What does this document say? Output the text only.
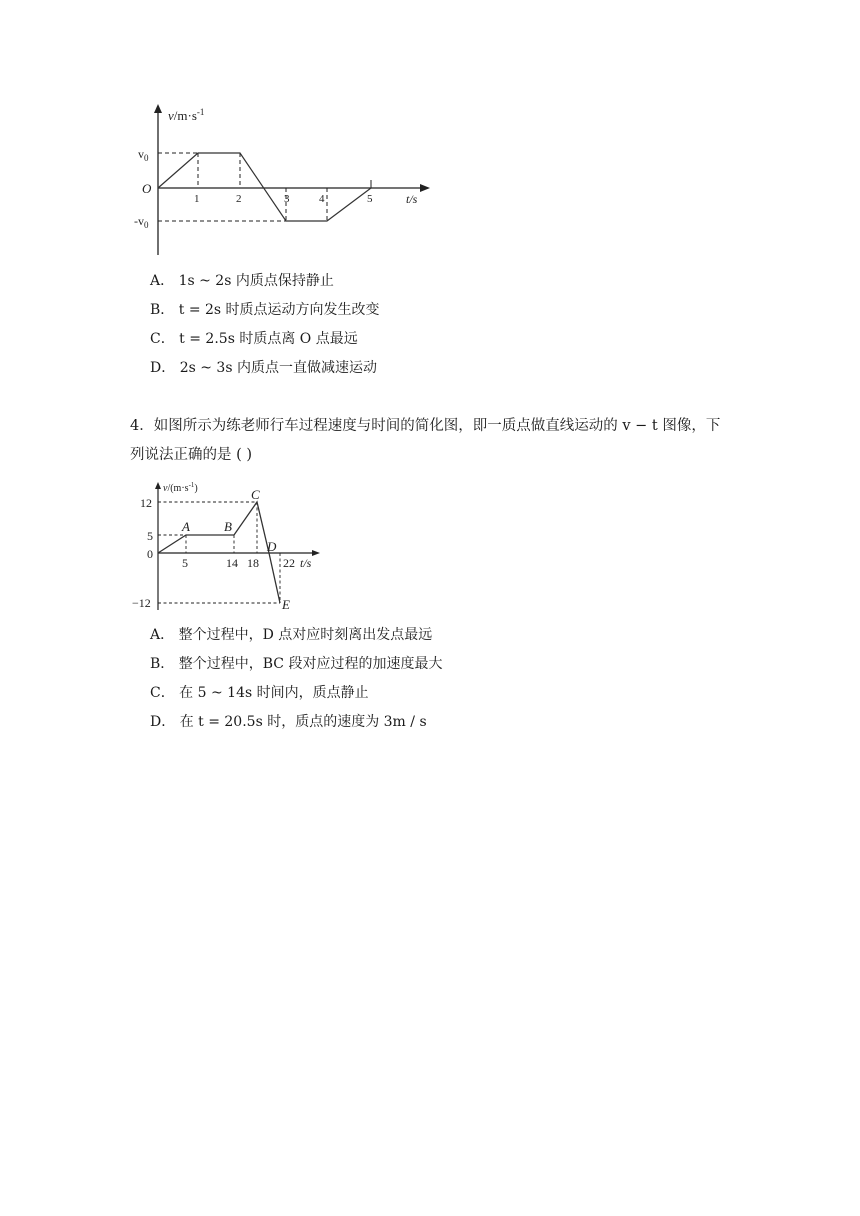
$v/m\cdot s^{-1}$
O
$v_0$
$-v_0$
1	2	3	4	5	t/s
A． 1s ~ 2s 内质点保持静止
B． t = 2s 时质点运动方向发生改变
C． t = 2.5s 时质点离 O 点最远
D． 2s ~ 3s 内质点一直做减速运动
4．如图所示为练老师行车过程速度与时间的简化图，即一质点做直线运动的 v − t 图像，下
列说法正确的是 ( )
$v/(m\cdot s^{-1})$
12
5
0
−12
5	14 18 22 t/s
A	B
C
D
E
A． 整个过程中，D 点对应时刻离出发点最远
B． 整个过程中，BC 段对应过程的加速度最大
C． 在 5 ~ 14s 时间内，质点静止
D． 在 t = 20.5s 时，质点的速度为 3m / s
